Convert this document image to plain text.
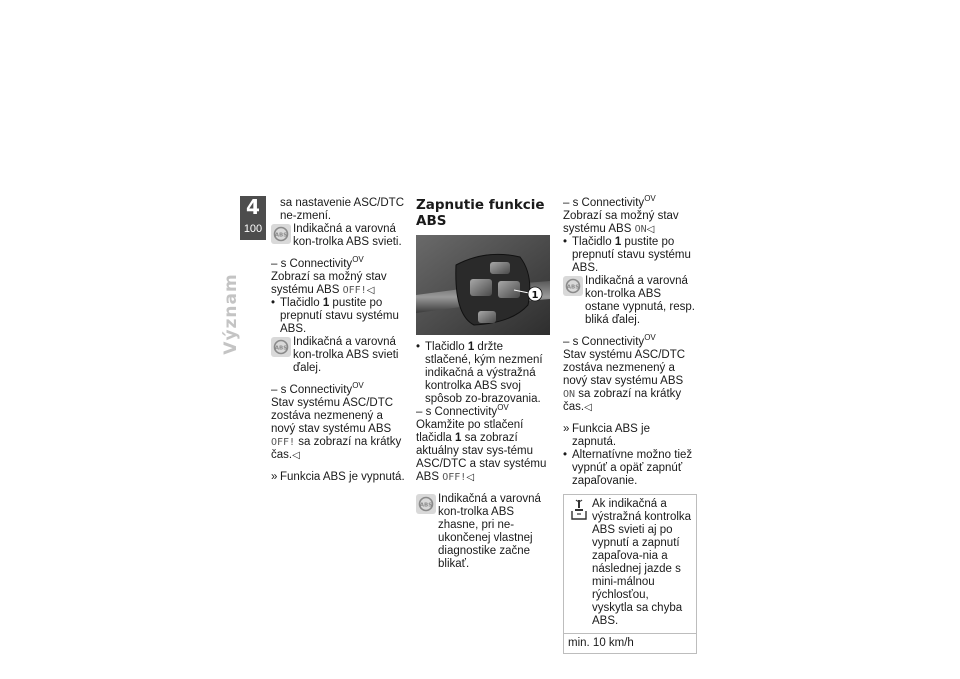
4
100
Význam

sa nastavenie ASC/DTC ne-zmení.

ABS
Indikačná a varovná kon-trolka ABS svieti.

– s Connectivity$^{OV}$

Zobrazí sa možný stav systému ABS OFF!◁

• Tlačidlo 1 pustite po prepnutí stavu systému ABS.

ABS
Indikačná a varovná kon-trolka ABS svieti ďalej.

– s Connectivity$^{OV}$

Stav systému ASC/DTC zostáva nezmenený a nový stav systému ABS OFF! sa zobrazí na krátky čas.◁

» Funkcia ABS je vypnutá.

Zapnutie funkcie ABS
1

• Tlačidlo 1 držte stlačené, kým nezmení indikačná a výstražná kontrolka ABS svoj spôsob zo-brazovania.

– s Connectivity$^{OV}$

Okamžite po stlačení tlačidla 1 sa zobrazí aktuálny stav sys-tému ASC/DTC a stav systému ABS OFF!◁

ABS
Indikačná a varovná kon-trolka ABS zhasne, pri ne-ukončenej vlastnej diagnostike začne blikať.

– s Connectivity$^{OV}$

Zobrazí sa možný stav systému ABS ON◁

• Tlačidlo 1 pustite po prepnutí stavu systému ABS.

ABS
Indikačná a varovná kon-trolka ABS ostane vypnutá, resp. bliká ďalej.

– s Connectivity$^{OV}$

Stav systému ASC/DTC zostáva nezmenený a nový stav systému ABS ON sa zobrazí na krátky čas.◁

» Funkcia ABS je zapnutá.

• Alternatívne možno tiež vypnúť a opäť zapnúť zapaľovanie.

Ak indikačná a výstražná kontrolka ABS svieti aj po vypnutí a zapnutí zapaľova-nia a následnej jazde s mini-málnou rýchlosťou, vyskytla sa chyba ABS.

min. 10 km/h
